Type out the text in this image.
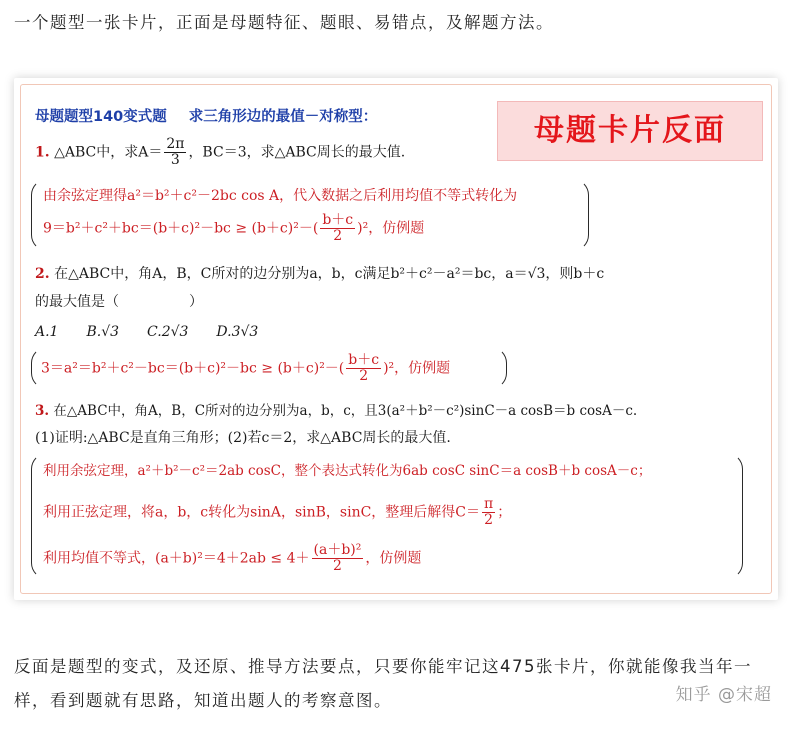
一个题型一张卡片，正面是母题特征、题眼、易错点，及解题方法。

母题卡片反面
母题题型140变式题 求三角形边的最值－对称型：
1. △ABC中，求$A= \frac{2\pi}{3}$ ，BC＝3，求△ABC周长的最大值.
由余弦定理得a²＝b²＋c²－2bc cos A，代入数据之后利用均值不等式转化为
$9=b^2+c^2+bc=(b+c)^2-bc \ge (b+c)^2-( \frac{b+c}{2} )^2$，仿例题
2. 在△ABC中，角A，B，C所对的边分别为a，b，c满足b²＋c²－a²＝bc，a＝√3，则b＋c
的最大值是（　　　　　）
A.1　　B.√3　　C.2√3　　D.3√3
$3=a^2=b^2+c^2-bc=(b+c)^2-bc \ge (b+c)^2-( \frac{b+c}{2} )^2$，仿例题
3. 在△ABC中，角A，B，C所对的边分别为a，b，c，且3(a²＋b²－c²)sinC－a cosB＝b cosA－c.
(1)证明:△ABC是直角三角形；(2)若c＝2，求△ABC周长的最大值.
利用余弦定理，a²＋b²－c²＝2ab cosC，整个表达式转化为6ab cosC sinC＝a cosB＋b cosA－c；
利用正弦定理，将a，b，c转化为sinA，sinB，sinC，整理后解得$C= \frac{\pi}{2}$ ；
利用均值不等式，$(a+b)^2=4+2ab \le 4+ \frac{\text{(a＋b)²}}{2}$ ，仿例题

反面是题型的变式，及还原、推导方法要点，只要你能牢记这475张卡片，你就能像我当年一样，看到题就有思路，知道出题人的考察意图。	知乎 @宋超
